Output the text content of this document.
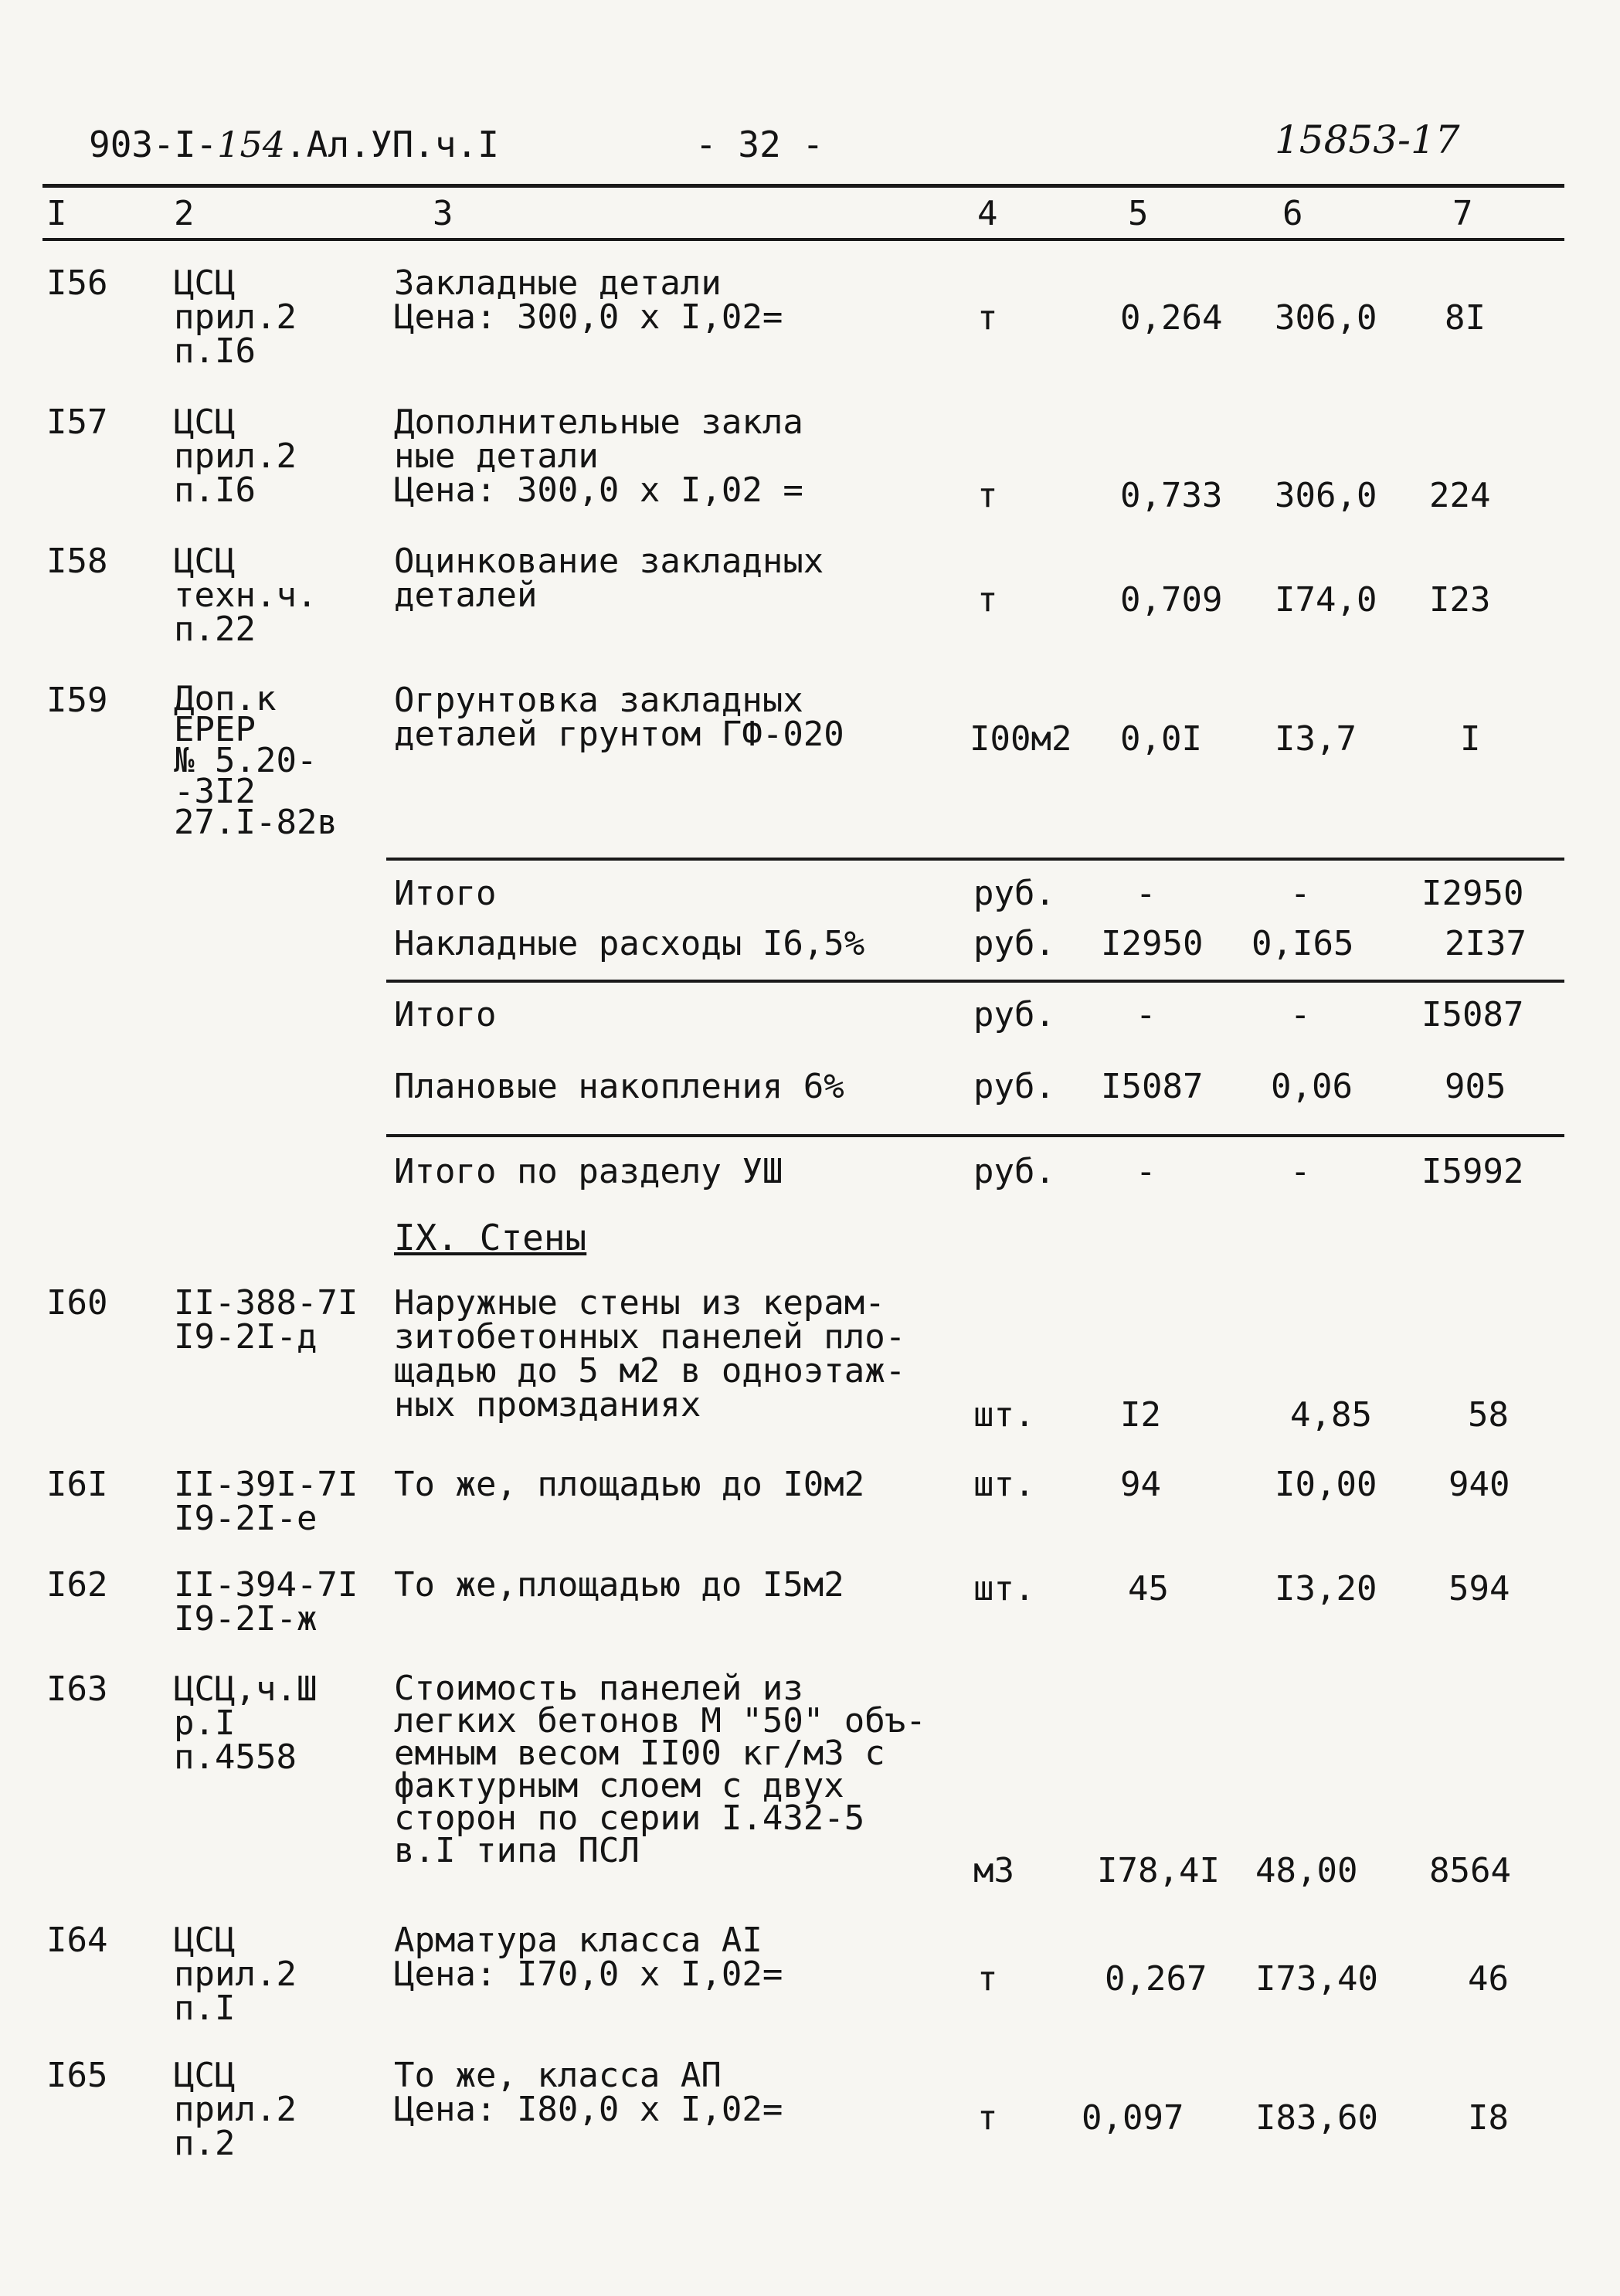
903-I-154.Ал.УП.ч.I	- 32 -	15853-17
I	2	3	4	5	6	7
I56 ЦСЦ
прил.2
п.I6
Закладные детали
Цена: 300,0 х I,02=	т	0,264 306,0 8I
I57 ЦСЦ
прил.2
п.I6
Дополнительные закла
ные детали
Цена: 300,0 х I,02 =	т	0,733 306,0 224
I58 ЦСЦ
техн.ч.
п.22
Оцинкование закладных
деталей	т	0,709 I74,0 I23
I59 Доп.к
ЕРЕР
№ 5.20-
-3I2
27.I-82в
Огрунтовка закладных
деталей грунтом ГФ-020	I00м2 0,0I I3,7	I
Итого	руб. -	-	I2950
Накладные расходы I6,5%	руб. I2950 0,I65	2I37
Итого	руб. -	-	I5087
Плановые накопления 6%	руб. I5087 0,06	905
Итого по разделу УШ	руб. -	-	I5992
IX. Стены
I60 II-388-7I
I9-2I-д
Наружные стены из керам-
зитобетонных панелей пло-
щадью до 5 м2 в одноэтаж-
ных промзданиях	шт.	I2	4,85	58
I6I II-39I-7I
I9-2I-е
То же, площадью до I0м2	шт.	94	I0,00 940
I62 II-394-7I
I9-2I-ж
То же,площадью до I5м2	шт.	45	I3,20 594
I63 ЦСЦ,ч.Ш
р.I
п.4558
Стоимость панелей из
легких бетонов М "50" объ-
емным весом II00 кг/м3 с
фактурным слоем с двух
сторон по серии I.432-5
в.I типа ПСЛ
м3 I78,4I 48,00 8564
I64 ЦСЦ
прил.2
п.I
Арматура класса АI
Цена: I70,0 х I,02=	т	0,267 I73,40	46
I65 ЦСЦ
прил.2
п.2
То же, класса АП
Цена: I80,0 х I,02=	т 0,097 I83,60	I8
